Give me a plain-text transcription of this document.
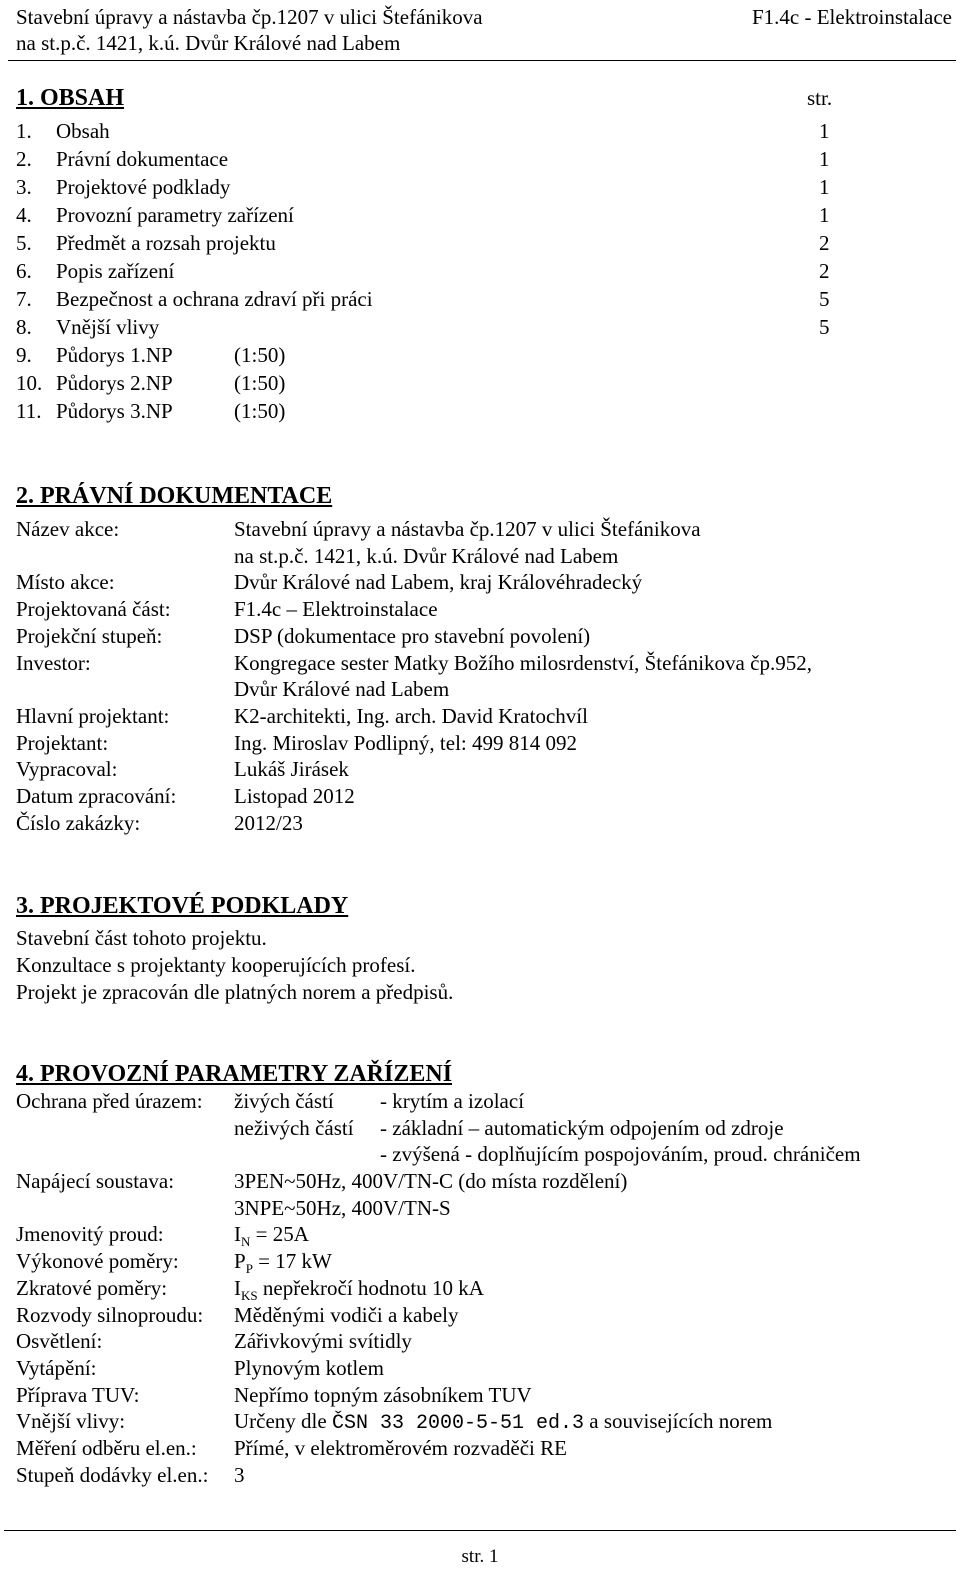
Stavební úpravy a nástavba čp.1207 v ulici Štefánikova
na st.p.č. 1421, k.ú. Dvůr Králové nad Labem
F1.4c - Elektroinstalace
1. OBSAH	str.
1. Obsah	1
2. Právní dokumentace	1
3. Projektové podklady	1
4. Provozní parametry zařízení	1
5. Předmět a rozsah projektu	2
6. Popis zařízení	2
7. Bezpečnost a ochrana zdraví při práci	5
8. Vnější vlivy	5
9. Půdorys 1.NP	(1:50)
10. Půdorys 2.NP	(1:50)
11. Půdorys 3.NP	(1:50)
2. PRÁVNÍ DOKUMENTACE
Název akce:	Stavební úpravy a nástavba čp.1207 v ulici Štefánikova
na st.p.č. 1421, k.ú. Dvůr Králové nad Labem
Místo akce:	Dvůr Králové nad Labem, kraj Královéhradecký
Projektovaná část:	F1.4c – Elektroinstalace
Projekční stupeň:	DSP (dokumentace pro stavební povolení)
Investor:	Kongregace sester Matky Božího milosrdenství, Štefánikova čp.952,
Dvůr Králové nad Labem
Hlavní projektant:	K2-architekti, Ing. arch. David Kratochvíl
Projektant:	Ing. Miroslav Podlipný, tel: 499 814 092
Vypracoval:	Lukáš Jirásek
Datum zpracování:	Listopad 2012
Číslo zakázky:	2012/23
3. PROJEKTOVÉ PODKLADY
Stavební část tohoto projektu.
Konzultace s projektanty kooperujících profesí.
Projekt je zpracován dle platných norem a předpisů.
4. PROVOZNÍ PARAMETRY ZAŘÍZENÍ
Ochrana před úrazem: živých částí - krytím a izolací
neživých částí - základní – automatickým odpojením od zdroje
- zvýšená - doplňujícím pospojováním, proud. chráničem
Napájecí soustava:	3PEN~50Hz, 400V/TN-C (do místa rozdělení)
3NPE~50Hz, 400V/TN-S
Jmenovitý proud:	$I_N = 25A$
Výkonové poměry:	$P_P = 17$ kW
Zkratové poměry:	$I_{KS}$ nepřekročí hodnotu 10 kA
Rozvody silnoproudu: Měděnými vodiči a kabely
Osvětlení:	Zářivkovými svítidly
Vytápění:	Plynovým kotlem
Příprava TUV:	Nepřímo topným zásobníkem TUV
Vnější vlivy:	Určeny dle ČSN 33 2000-5-51 ed.3 a souvisejících norem
Měření odběru el.en.: Přímé, v elektroměrovém rozvaděči RE
Stupeň dodávky el.en.: 3
str. 1
